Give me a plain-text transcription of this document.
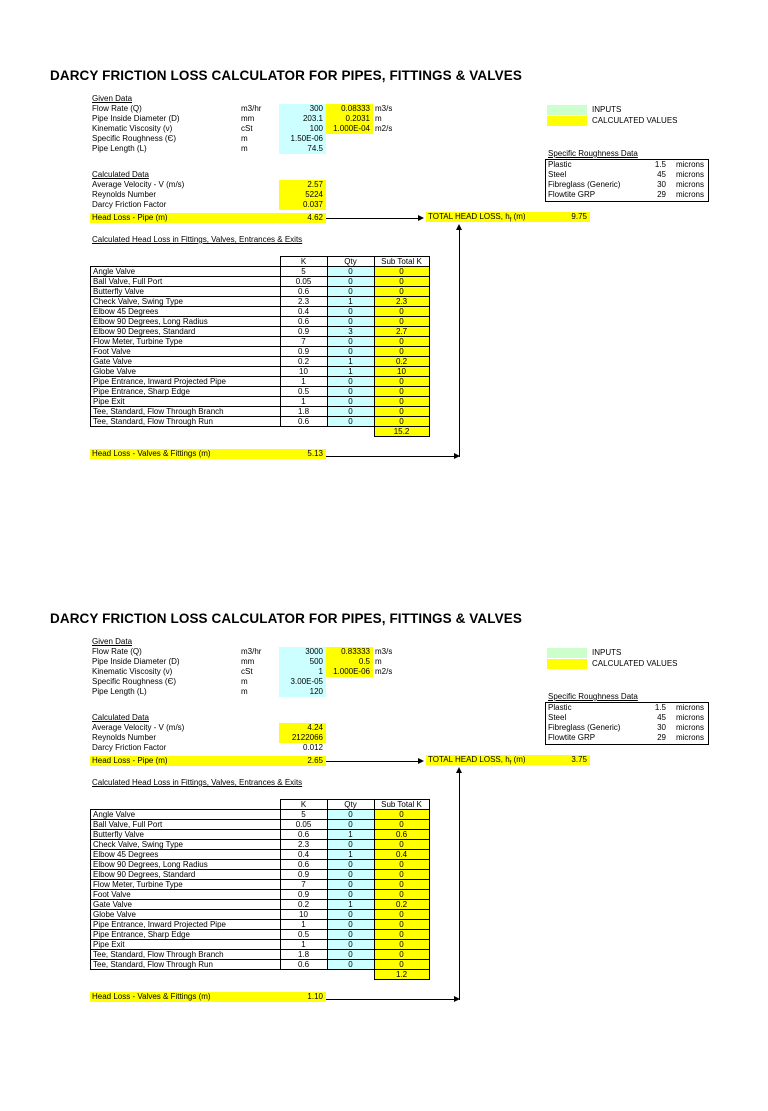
DARCY FRICTION LOSS CALCULATOR FOR PIPES, FITTINGS & VALVES
Given Data
Flow Rate (Q)	m3/hr	300	0.08333 m3/s
Pipe Inside Diameter (D)	mm	203.1	0.2031 m
Kinematic Viscosity (ν)	cSt	100	1.000E-04 m2/s
Specific Roughness (Є)	m	1.50E-06
Pipe Length (L)	m	74.5
Calculated Data
Average Velocity - V (m/s)	2.57
Reynolds Number	5224
Darcy Friction Factor	0.037
Head Loss - Pipe (m)	4.62	TOTAL HEAD LOSS, $h_f$ (m)	9.75
INPUTS
CALCULATED VALUES
Specific Roughness Data
Plastic	1.5 microns
Steel	45 microns
Fibreglass (Generic)	30 microns
Flowtite GRP	29 microns
Calculated Head Loss in Fittings, Valves, Entrances & Exits
	K	Qty	Sub Total K
Angle Valve	5	0	0
Ball Valve, Full Port	0.05	0	0
Butterfly Valve	0.6	0	0
Check Valve, Swing Type	2.3	1	2.3
Elbow 45 Degrees	0.4	0	0
Elbow 90 Degrees, Long Radius	0.6	0	0
Elbow 90 Degrees, Standard	0.9	3	2.7
Flow Meter, Turbine Type	7	0	0
Foot Valve	0.9	0	0
Gate Valve	0.2	1	0.2
Globe Valve	10	1	10
Pipe Entrance, Inward Projected Pipe	1	0	0
Pipe Entrance, Sharp Edge	0.5	0	0
Pipe Exit	1	0	0
Tee, Standard, Flow Through Branch	1.8	0	0
Tee, Standard, Flow Through Run	0.6	0	0
			15.2
Head Loss - Valves & Fittings (m)	5.13
DARCY FRICTION LOSS CALCULATOR FOR PIPES, FITTINGS & VALVES
Given Data
Flow Rate (Q)	m3/hr	3000	0.83333 m3/s
Pipe Inside Diameter (D)	mm	500	0.5 m
Kinematic Viscosity (ν)	cSt	1	1.000E-06 m2/s
Specific Roughness (Є)	m	3.00E-05
Pipe Length (L)	m	120
Calculated Data
Average Velocity - V (m/s)	4.24
Reynolds Number	2122066
Darcy Friction Factor	0.012
Head Loss - Pipe (m)	2.65	TOTAL HEAD LOSS, $h_f$ (m)	3.75
INPUTS
CALCULATED VALUES
Specific Roughness Data
Plastic	1.5 microns
Steel	45 microns
Fibreglass (Generic)	30 microns
Flowtite GRP	29 microns
Calculated Head Loss in Fittings, Valves, Entrances & Exits
	K	Qty	Sub Total K
Angle Valve	5	0	0
Ball Valve, Full Port	0.05	0	0
Butterfly Valve	0.6	1	0.6
Check Valve, Swing Type	2.3	0	0
Elbow 45 Degrees	0.4	1	0.4
Elbow 90 Degrees, Long Radius	0.6	0	0
Elbow 90 Degrees, Standard	0.9	0	0
Flow Meter, Turbine Type	7	0	0
Foot Valve	0.9	0	0
Gate Valve	0.2	1	0.2
Globe Valve	10	0	0
Pipe Entrance, Inward Projected Pipe	1	0	0
Pipe Entrance, Sharp Edge	0.5	0	0
Pipe Exit	1	0	0
Tee, Standard, Flow Through Branch	1.8	0	0
Tee, Standard, Flow Through Run	0.6	0	0
			1.2
Head Loss - Valves & Fittings (m)	1.10
